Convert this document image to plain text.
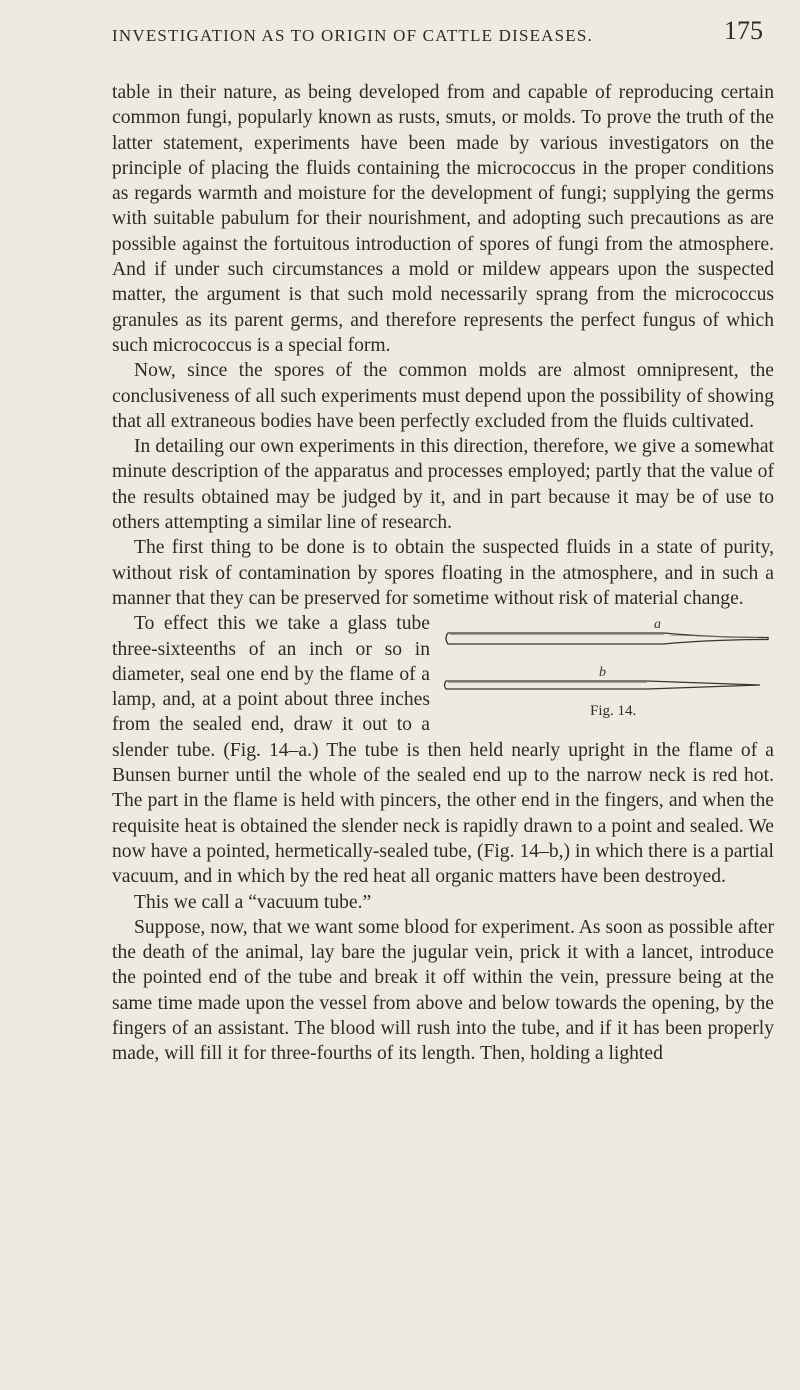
INVESTIGATION AS TO ORIGIN OF CATTLE DISEASES.	175

table in their nature, as being developed from and capable of reproducing certain common fungi, popularly known as rusts, smuts, or molds. To prove the truth of the latter statement, experiments have been made by various investigators on the principle of placing the fluids containing the micrococcus in the proper conditions as regards warmth and moisture for the development of fungi; supplying the germs with suitable pabulum for their nourishment, and adopting such precautions as are possible against the fortuitous introduction of spores of fungi from the atmosphere. And if under such circumstances a mold or mildew appears upon the suspected matter, the argument is that such mold necessarily sprang from the micrococcus granules as its parent germs, and therefore represents the perfect fungus of which such micrococcus is a special form.

Now, since the spores of the common molds are almost omnipresent, the conclusiveness of all such experiments must depend upon the possibility of showing that all extraneous bodies have been perfectly excluded from the fluids cultivated.

In detailing our own experiments in this direction, therefore, we give a somewhat minute description of the apparatus and processes employed; partly that the value of the results obtained may be judged by it, and in part because it may be of use to others attempting a similar line of research.

The first thing to be done is to obtain the suspected fluids in a state of purity, without risk of contamination by spores floating in the atmosphere, and in such a manner that they can be preserved for sometime without risk of material change.

a
b
Fig. 14.

To effect this we take a glass tube three-sixteenths of an inch or so in diameter, seal one end by the flame of a lamp, and, at a point about three inches from the sealed end, draw it out to a slender tube. (Fig. 14–a.) The tube is then held nearly upright in the flame of a Bunsen burner until the whole of the sealed end up to the narrow neck is red hot. The part in the flame is held with pincers, the other end in the fingers, and when the requisite heat is obtained the slender neck is rapidly drawn to a point and sealed. We now have a pointed, hermetically-sealed tube, (Fig. 14–b,) in which there is a partial vacuum, and in which by the red heat all organic matters have been destroyed.

This we call a “vacuum tube.”

Suppose, now, that we want some blood for experiment. As soon as possible after the death of the animal, lay bare the jugular vein, prick it with a lancet, introduce the pointed end of the tube and break it off within the vein, pressure being at the same time made upon the vessel from above and below towards the opening, by the fingers of an assistant. The blood will rush into the tube, and if it has been properly made, will fill it for three-fourths of its length. Then, holding a lighted
